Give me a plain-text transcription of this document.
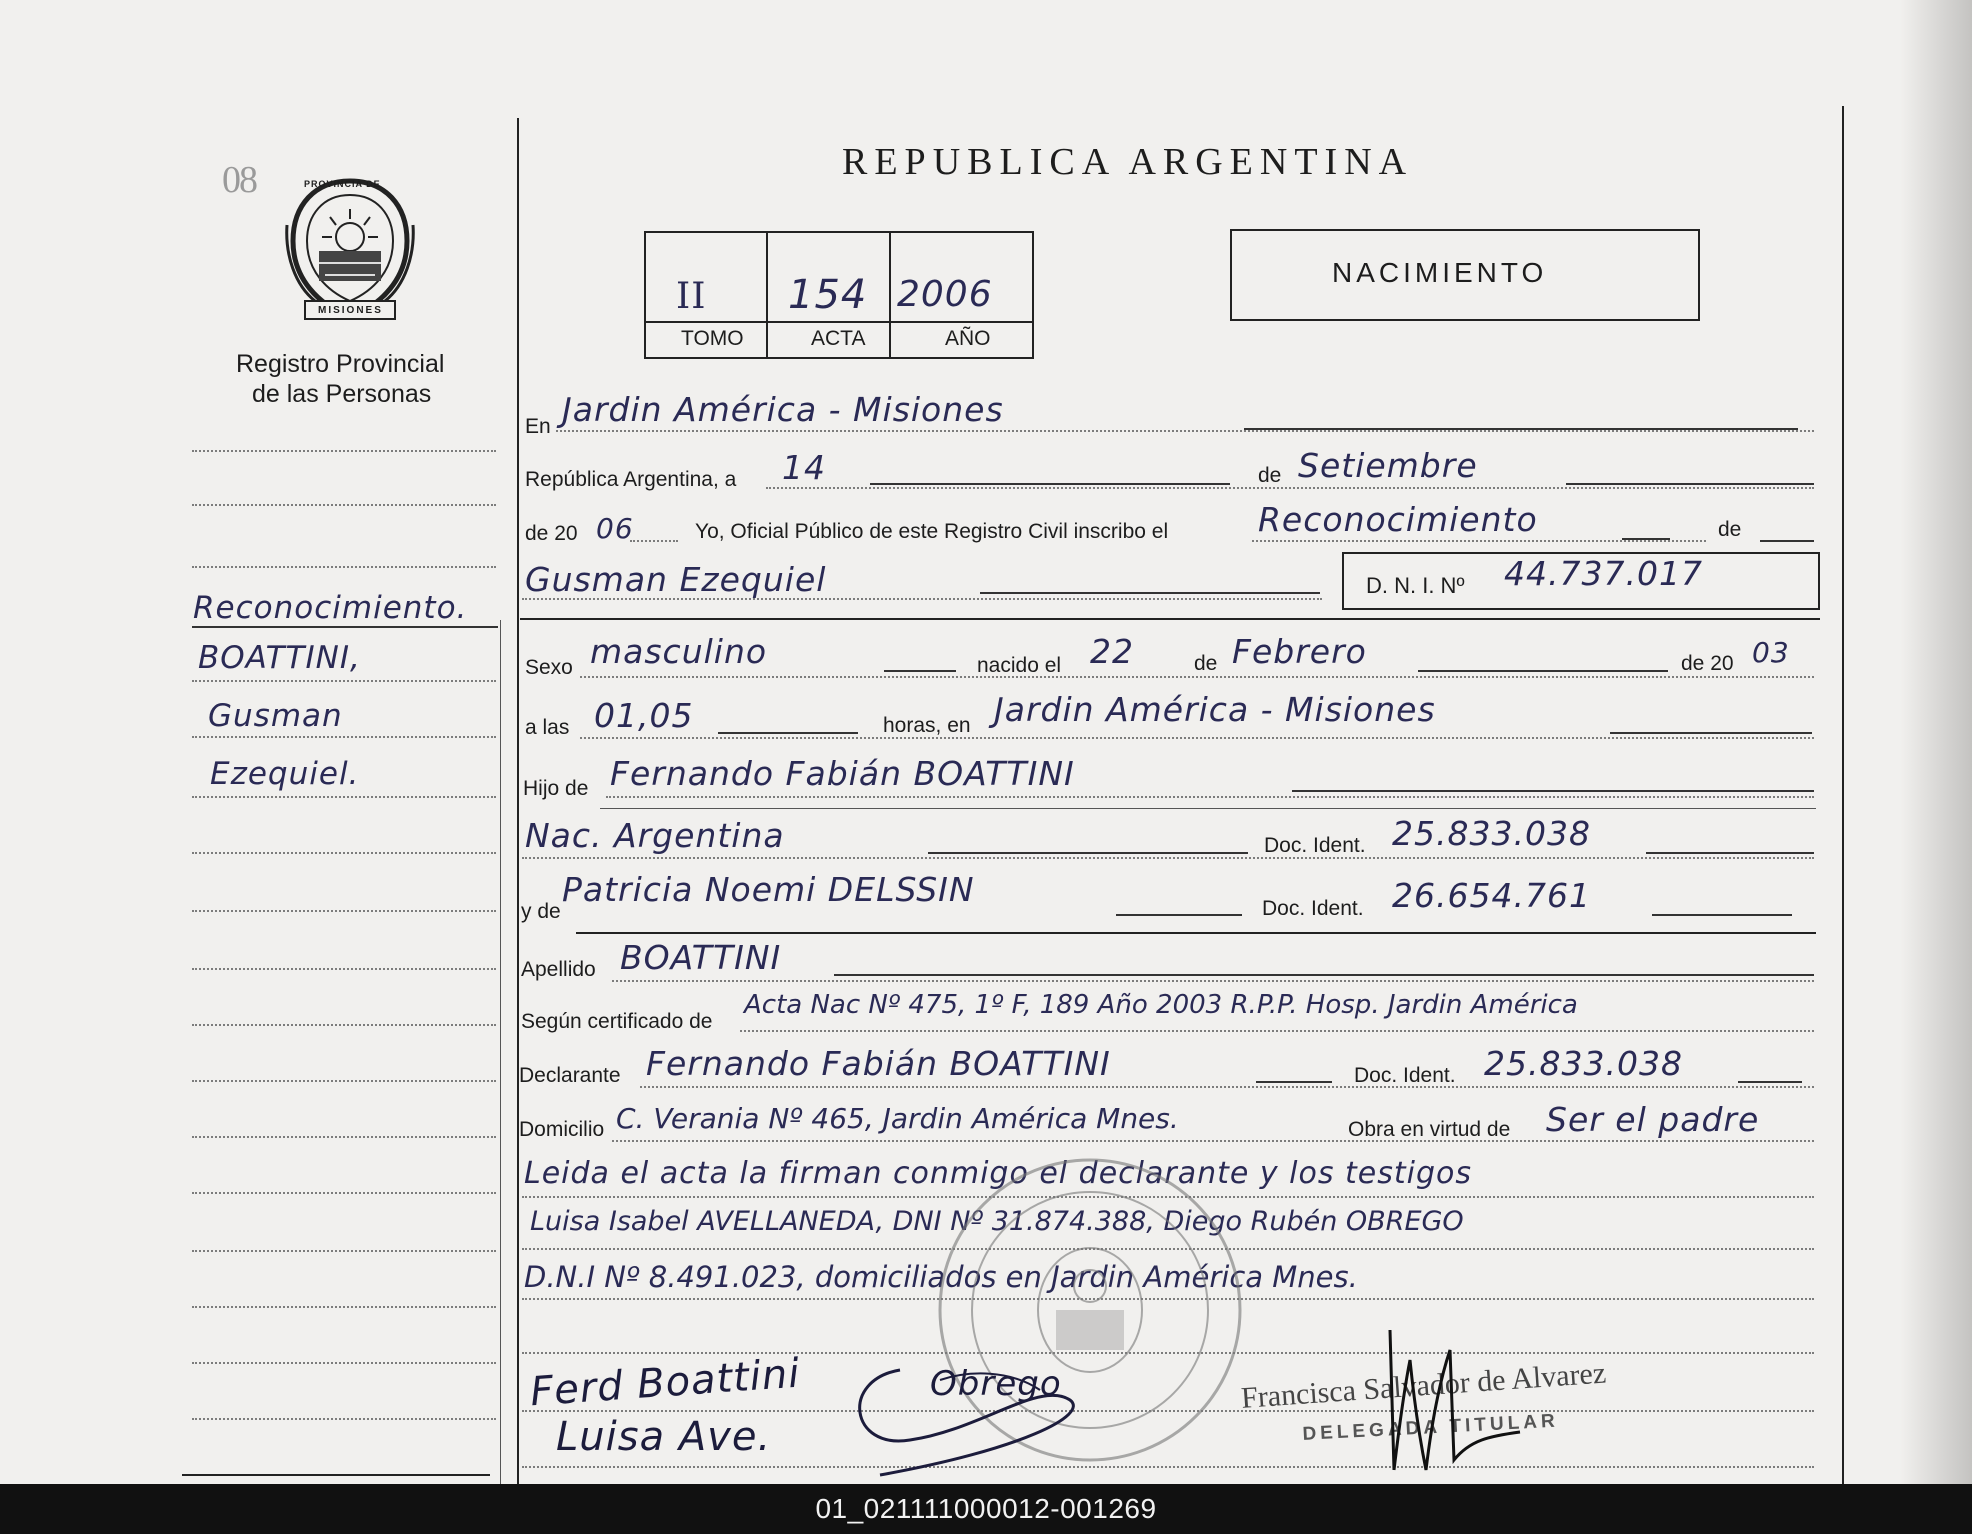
08	PROVINCIA DE
MISIONES
Registro Provincial
de las Personas
Reconocimiento.
BOATTINI,
Gusman
Ezequiel.
REPUBLICA ARGENTINA
II 154 2006
TOMO	ACTA	AÑO
NACIMIENTO
En Jardin América - Misiones
República Argentina, a 14	de Setiembre
de 20 06	Yo, Oficial Público de este Registro Civil inscribo el	Reconocimiento	de
Gusman Ezequiel	D. N. I. Nº 44.737.017
Sexo masculino	nacido el 22	de Febrero	de 20 03
a las 01,05	horas, en Jardin América - Misiones
Hijo de Fernando Fabián BOATTINI
Nac. Argentina	Doc. Ident. 25.833.038
y de
Patricia Noemi DELSSIN	Doc. Ident. 26.654.761
Apellido BOATTINI
Según certificado de
Acta Nac Nº 475, 1º F, 189 Año 2003 R.P.P. Hosp. Jardin América
Declarante Fernando Fabián BOATTINI	Doc. Ident. 25.833.038
Domicilio C. Verania Nº 465, Jardin América Mnes.	Obra en virtud de Ser el padre
Leida el acta la firman conmigo el declarante y los testigos
Luisa Isabel AVELLANEDA, DNI Nº 31.874.388, Diego Rubén OBREGO
D.N.I Nº 8.491.023, domiciliados en Jardin América Mnes.
Ferd Boattini
Luisa Ave.
Obrego	Francisca Salvador de Alvarez
DELEGADA TITULAR
01_021111000012-001269
